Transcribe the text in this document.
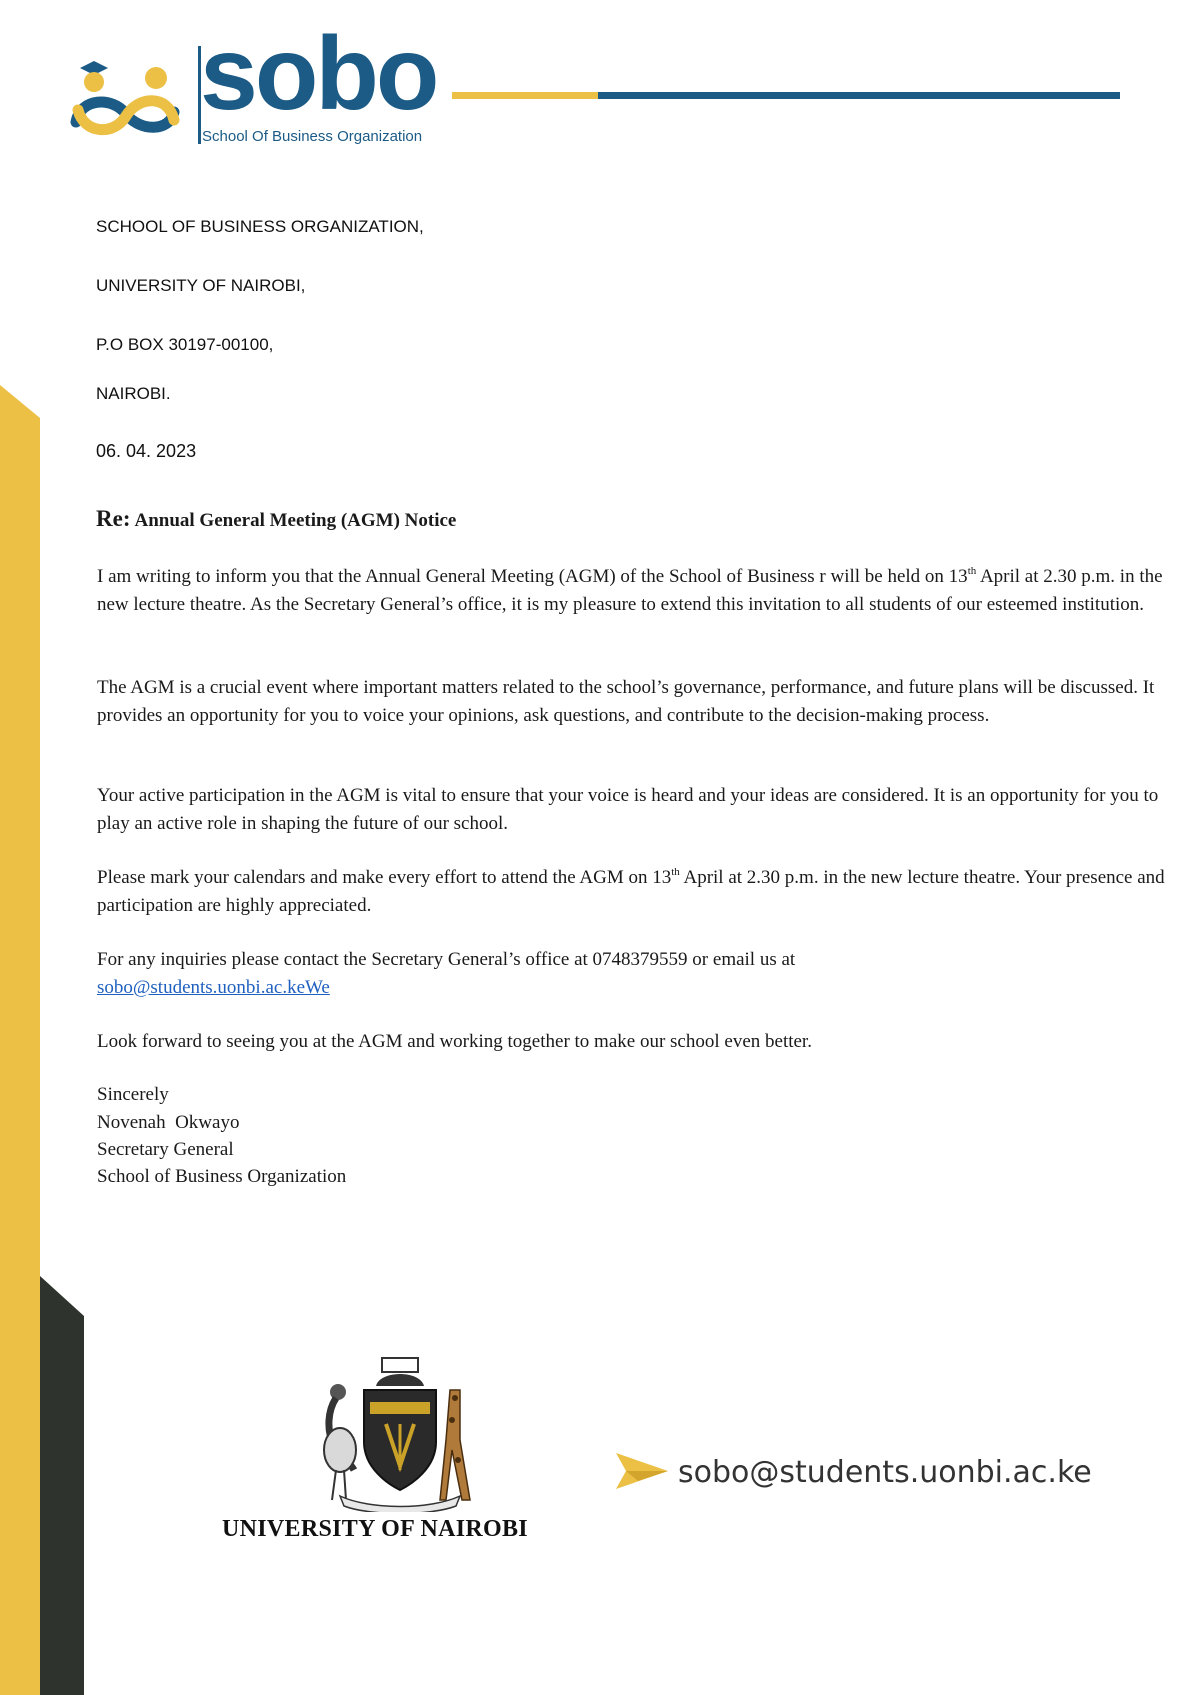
sobo
School Of Business Organization
SCHOOL OF BUSINESS ORGANIZATION,
UNIVERSITY OF NAIROBI,
P.O BOX 30197-00100,
NAIROBI.
06. 04. 2023
Re: Annual General Meeting (AGM) Notice
I am writing to inform you that the Annual General Meeting (AGM) of the School of Business r will be held on 13th April at 2.30 p.m. in the new lecture theatre. As the Secretary General’s office, it is my pleasure to extend this invitation to all students of our esteemed institution.
The AGM is a crucial event where important matters related to the school’s governance, performance, and future plans will be discussed. It provides an opportunity for you to voice your opinions, ask questions, and contribute to the decision-making process.
Your active participation in the AGM is vital to ensure that your voice is heard and your ideas are considered. It is an opportunity for you to play an active role in shaping the future of our school.
Please mark your calendars and make every effort to attend the AGM on 13th April at 2.30 p.m. in the new lecture theatre. Your presence and participation are highly appreciated.
For any inquiries please contact the Secretary General’s office at 0748379559 or email us at
sobo@students.uonbi.ac.keWe
Look forward to seeing you at the AGM and working together to make our school even better.
Sincerely
Novenah  Okwayo
Secretary General
School of Business Organization
UNIVERSITY OF NAIROBI
sobo@students.uonbi.ac.ke
